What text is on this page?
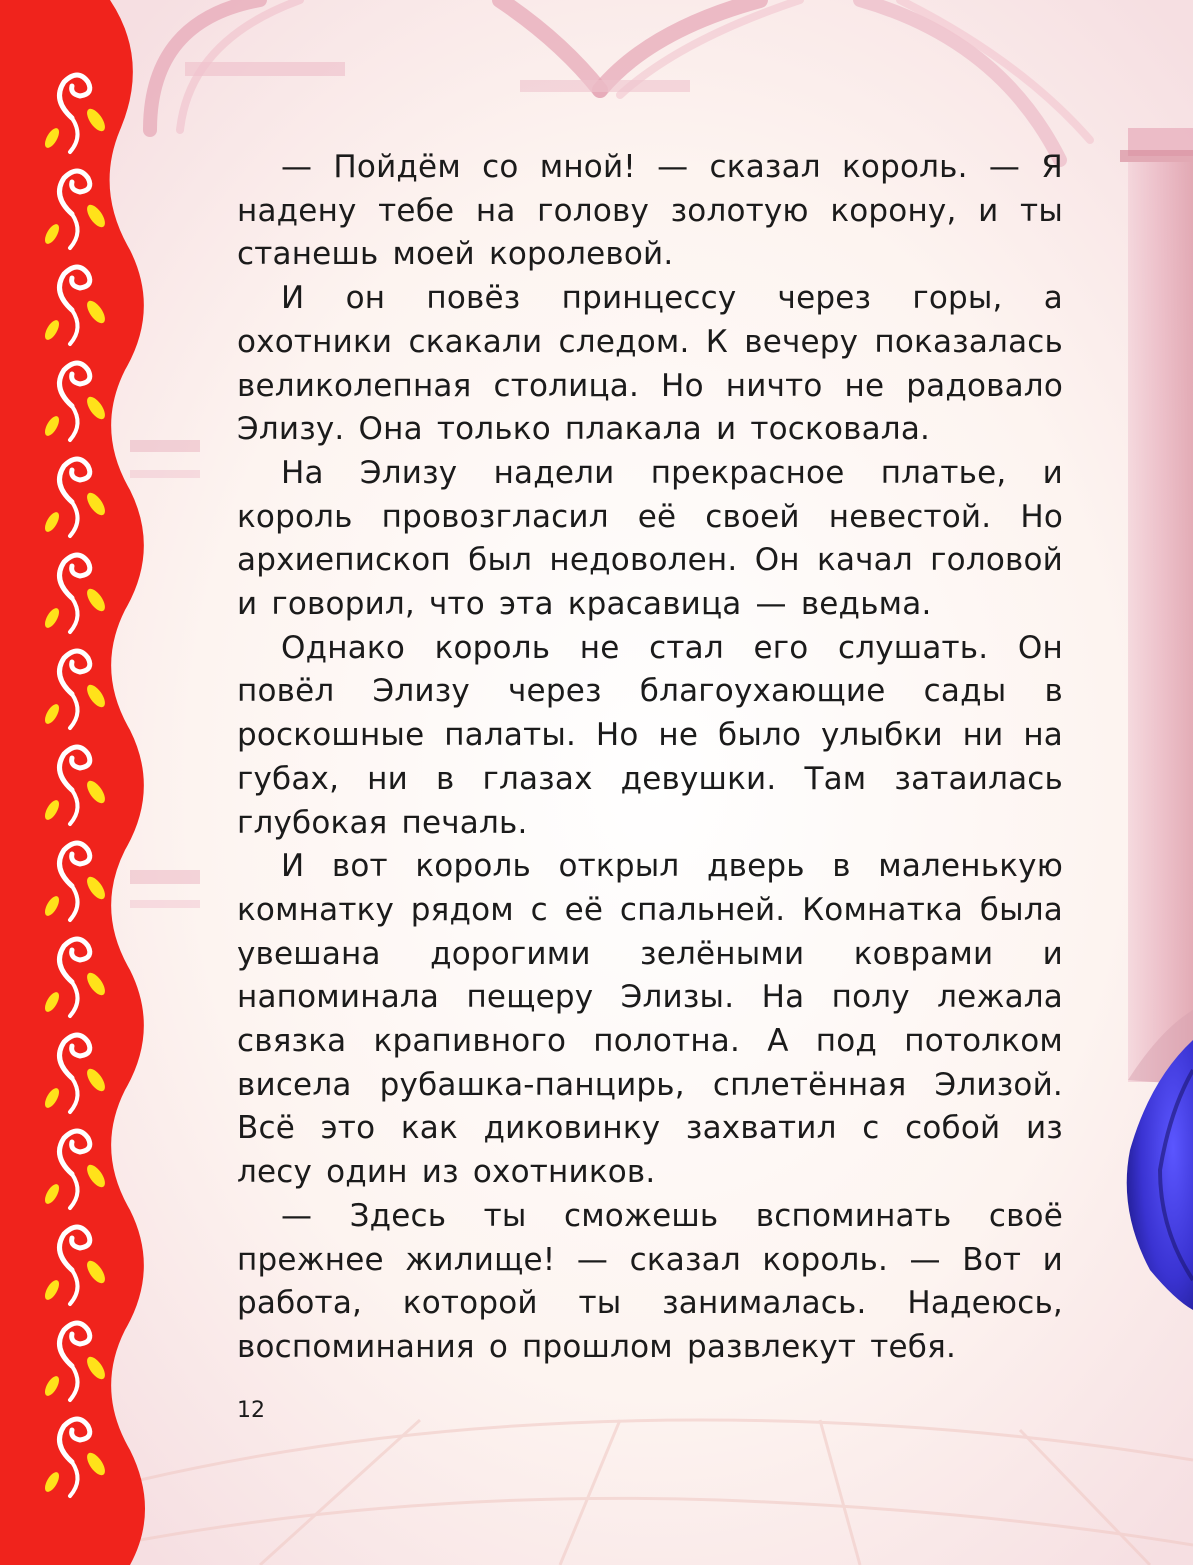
— Пойдём со мной! — сказал король. — Я надену тебе на голову золотую корону, и ты станешь моей королевой.

И он повёз принцессу через горы, а охотники скакали следом. К вечеру показалась великолепная столица. Но ничто не радовало Элизу. Она только плакала и тосковала.

На Элизу надели прекрасное платье, и король провозгласил её своей невестой. Но архиепископ был недоволен. Он качал головой и говорил, что эта красавица — ведьма.

Однако король не стал его слушать. Он повёл Элизу через благоухающие сады в роскошные палаты. Но не было улыбки ни на губах, ни в глазах девушки. Там затаилась глубокая печаль.

И вот король открыл дверь в маленькую комнатку рядом с её спальней. Комнатка была увешана дорогими зелёными коврами и напоминала пещеру Элизы. На полу лежала связка крапивного полотна. А под потолком висела рубашка-панцирь, сплетённая Элизой. Всё это как диковинку захватил с собой из лесу один из охотников.

— Здесь ты сможешь вспоминать своё прежнее жилище! — сказал король. — Вот и работа, которой ты занималась. Надеюсь, воспоминания о прошлом развлекут тебя.

12
